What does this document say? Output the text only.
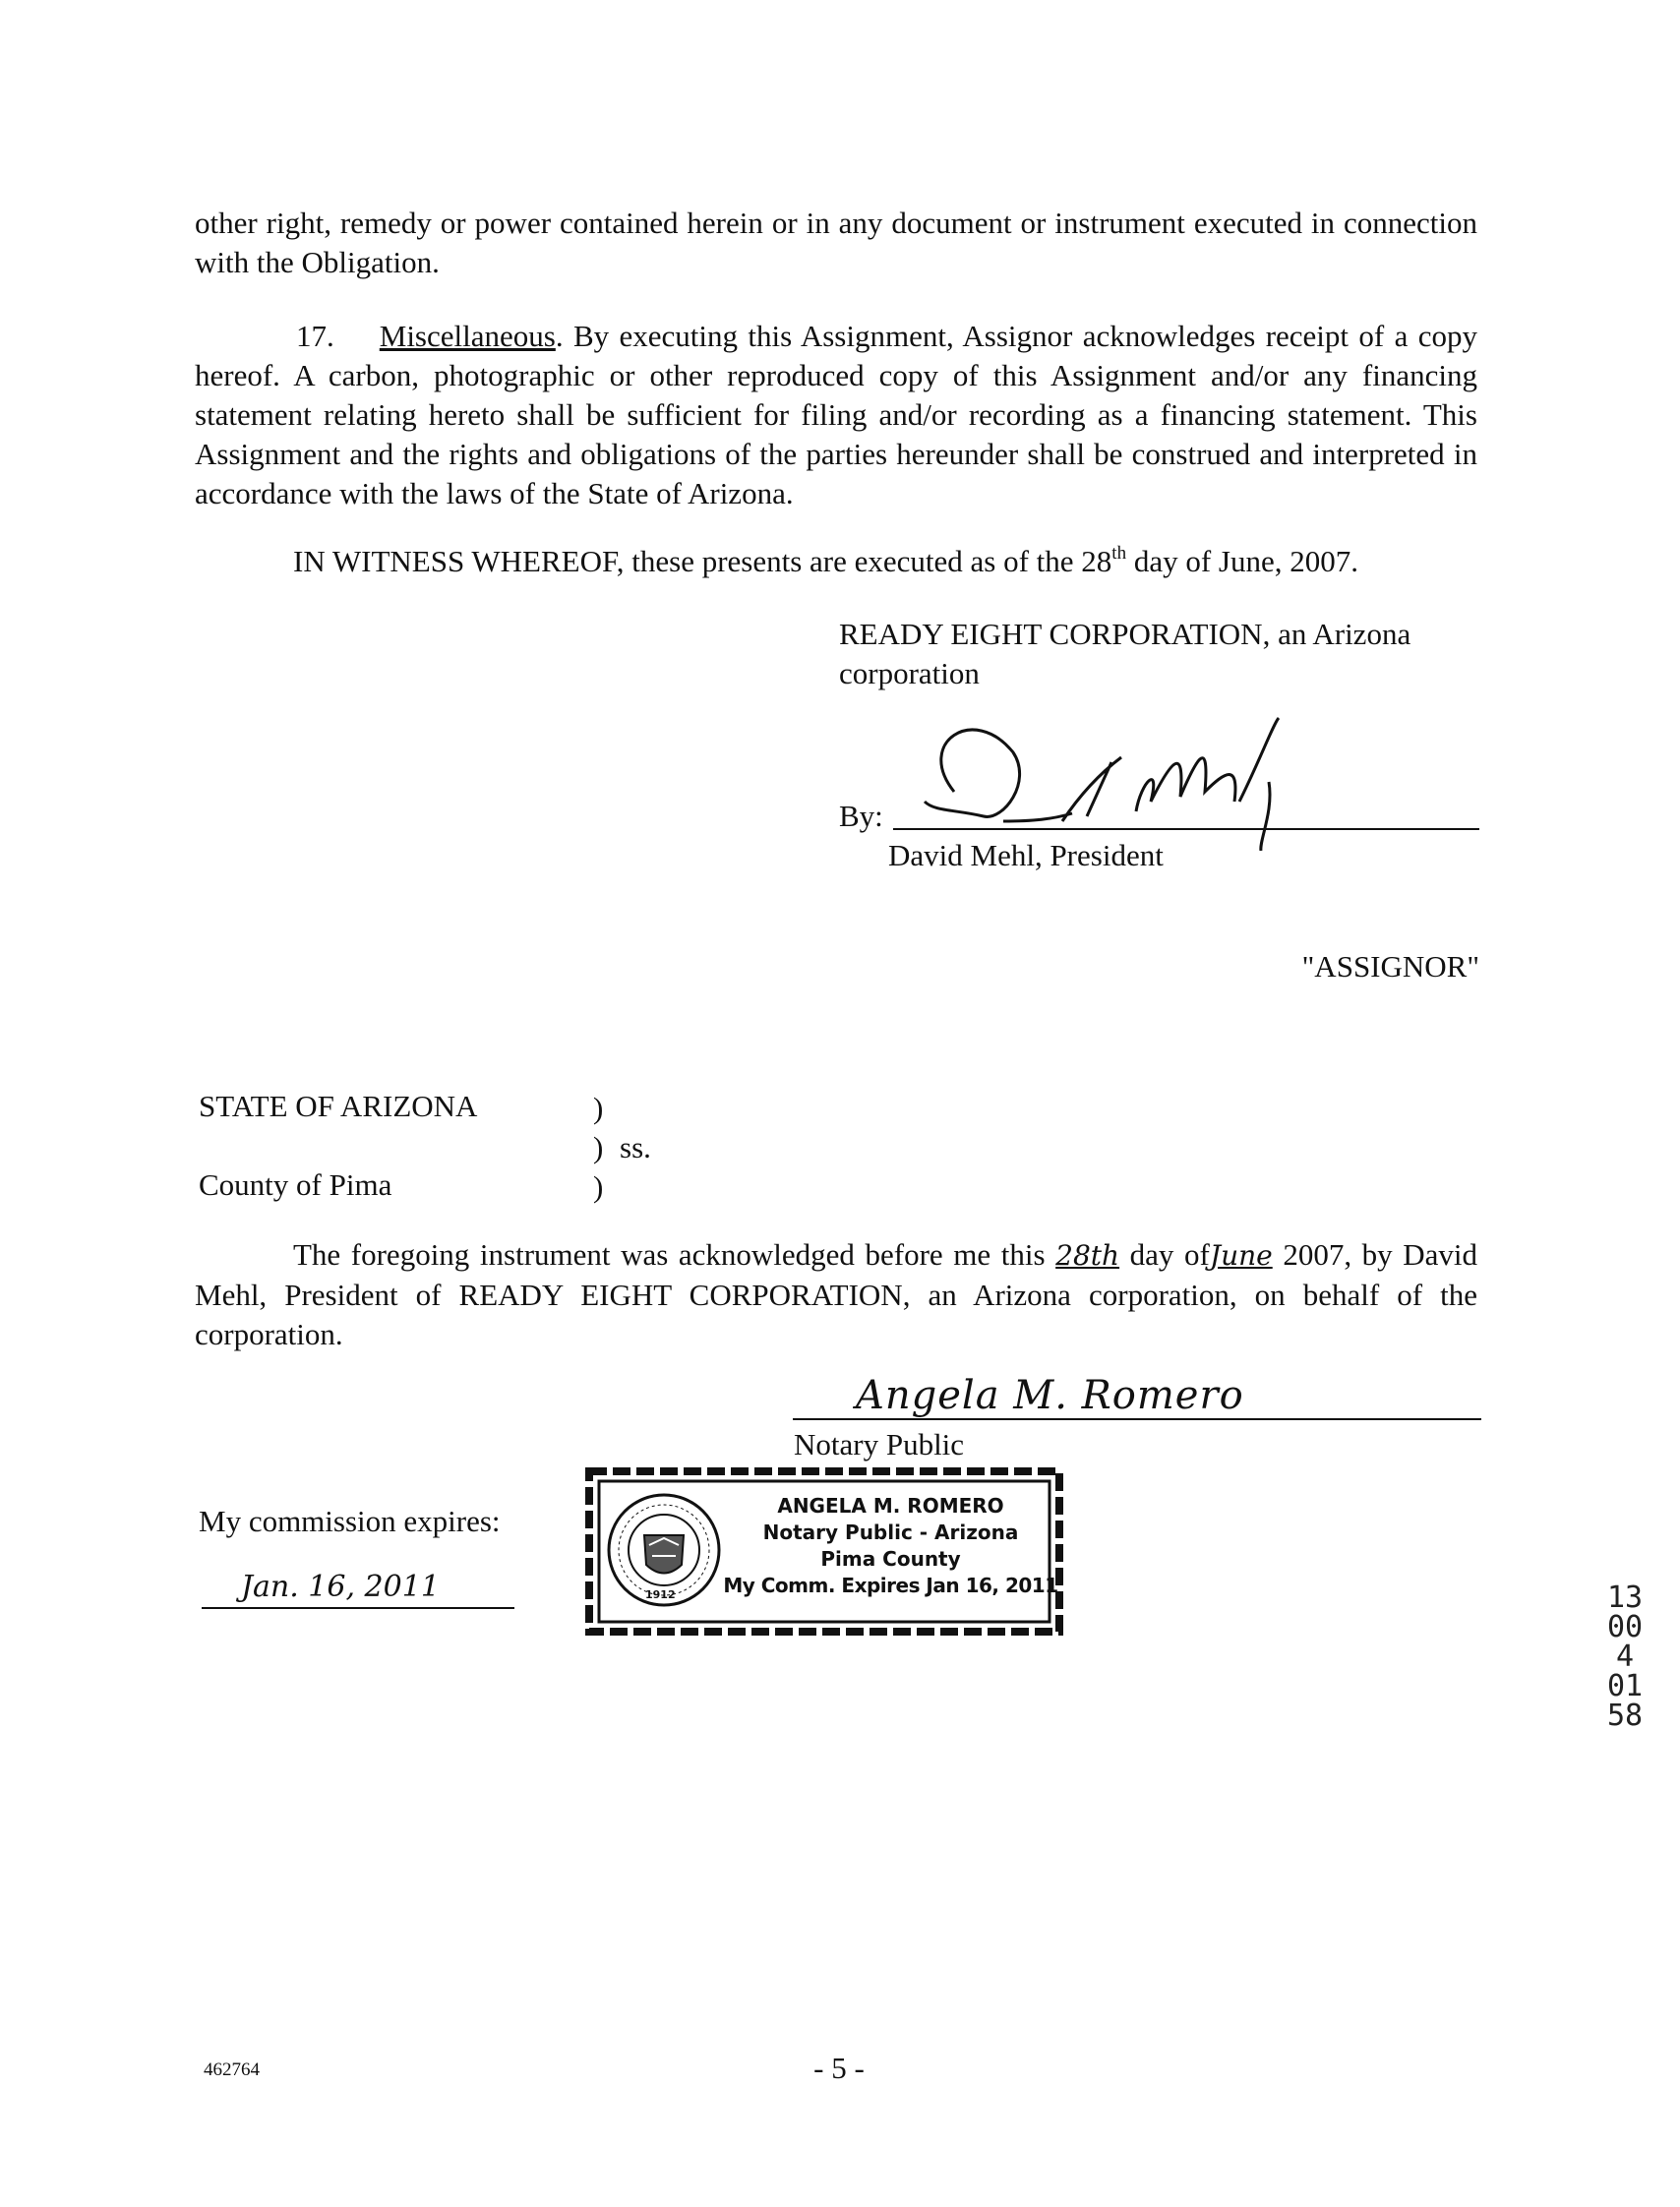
other right, remedy or power contained herein or in any document or instrument executed in connection with the Obligation.
17. Miscellaneous. By executing this Assignment, Assignor acknowledges receipt of a copy hereof. A carbon, photographic or other reproduced copy of this Assignment and/or any financing statement relating hereto shall be sufficient for filing and/or recording as a financing statement. This Assignment and the rights and obligations of the parties hereunder shall be construed and interpreted in accordance with the laws of the State of Arizona.
IN WITNESS WHEREOF, these presents are executed as of the 28th day of June, 2007.
READY EIGHT CORPORATION, an Arizona corporation
By:
David Mehl, President
"ASSIGNOR"
STATE OF ARIZONA	)
) ss.
County of Pima	)
The foregoing instrument was acknowledged before me this 28th day ofJune 2007, by David Mehl, President of READY EIGHT CORPORATION, an Arizona corporation, on behalf of the corporation.
Angela M. Romero
Notary Public
My commission expires:
Jan. 16, 2011	1912
ANGELA M. ROMERO
Notary Public - Arizona
Pima County
My Comm. Expires Jan 16, 2011	13004 0158
462764	- 5 -
